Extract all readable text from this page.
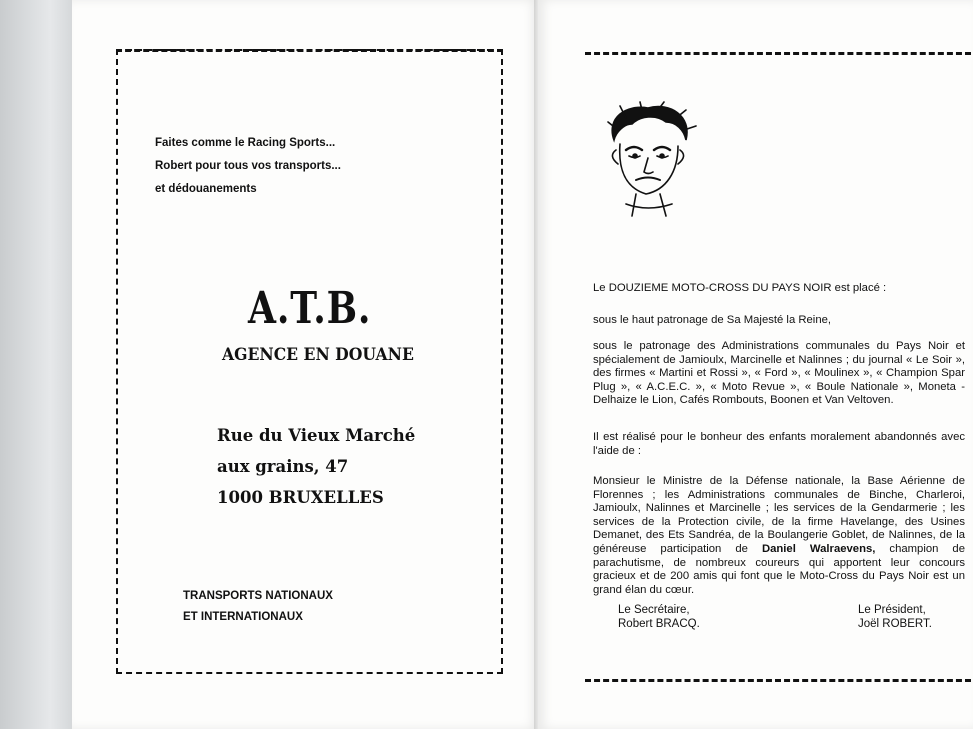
Faites comme le Racing Sports...
Robert pour tous vos transports...
et dédouanements
A.T.B.
AGENCE EN DOUANE
Rue du Vieux Marché
aux grains, 47
1000 BRUXELLES
TRANSPORTS NATIONAUX
ET INTERNATIONAUX
Le DOUZIEME MOTO-CROSS DU PAYS NOIR est placé :
sous le haut patronage de Sa Majesté la Reine,
sous le patronage des Administrations communales du Pays Noir et spécialement de Jamioulx, Marcinelle et Nalinnes ; du journal « Le Soir », des firmes « Martini et Rossi », « Ford », « Moulinex », « Champion Spar Plug », « A.C.E.C. », « Moto Revue », « Boule Nationale », Moneta - Delhaize le Lion, Cafés Rombouts, Boonen et Van Veltoven.
Il est réalisé pour le bonheur des enfants moralement abandonnés avec l'aide de :
Monsieur le Ministre de la Défense nationale, la Base Aérienne de Florennes ; les Administrations communales de Binche, Charleroi, Jamioulx, Nalinnes et Marcinelle ; les services de la Gendarmerie ; les services de la Protection civile, de la firme Havelange, des Usines Demanet, des Ets Sandréa, de la Boulangerie Goblet, de Nalinnes, de la généreuse participation de Daniel Walraevens, champion de parachutisme, de nombreux coureurs qui apportent leur concours gracieux et de 200 amis qui font que le Moto-Cross du Pays Noir est un grand élan du cœur.
Le Secrétaire,
Robert BRACQ.
Le Président,
Joël ROBERT.
